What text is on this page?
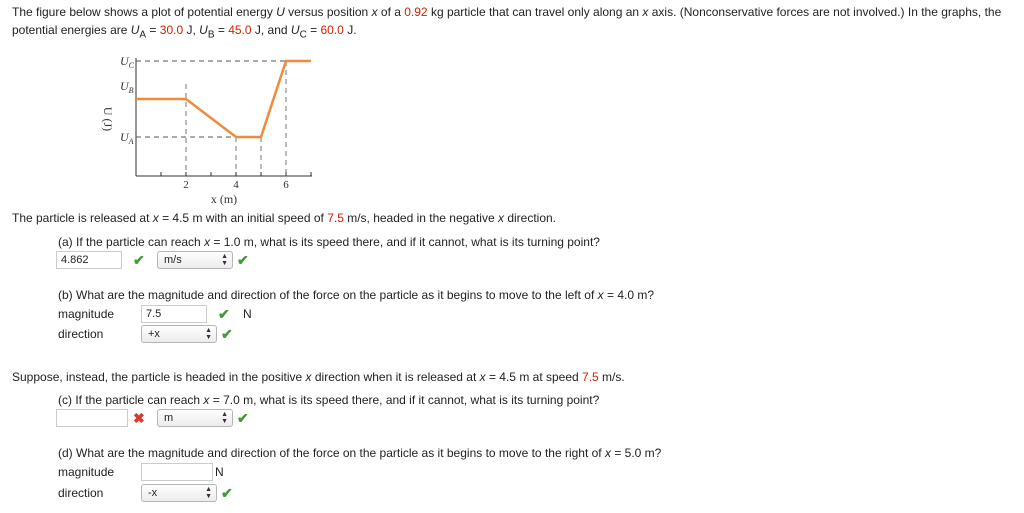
The figure below shows a plot of potential energy U versus position x of a 0.92 kg particle that can travel only along an x axis. (Nonconservative forces are not involved.) In the graphs, the potential energies are $U_A = 30.0$ J, $U_B = 45.0$ J, and $U_C = 60.0$ J.
$U_C$
$U_B$
$U_A$
U (J)
2	4	6
x (m)
The particle is released at x = 4.5 m with an initial speed of 7.5 m/s, headed in the negative x direction.
(a) If the particle can reach x = 1.0 m, what is its speed there, and if it cannot, what is its turning point?
4.862	✔	m/s	▲
▼ ✔
(b) What are the magnitude and direction of the force on the particle as it begins to move to the left of x = 4.0 m?
magnitude	7.5	✔ N
direction	+x	▲
▼ ✔
Suppose, instead, the particle is headed in the positive x direction when it is released at x = 4.5 m at speed 7.5 m/s.
(c) If the particle can reach x = 7.0 m, what is its speed there, and if it cannot, what is its turning point?
✖	m	▲
▼ ✔
(d) What are the magnitude and direction of the force on the particle as it begins to move to the right of x = 5.0 m?
magnitude	N
direction	-x	▲
▼ ✔
